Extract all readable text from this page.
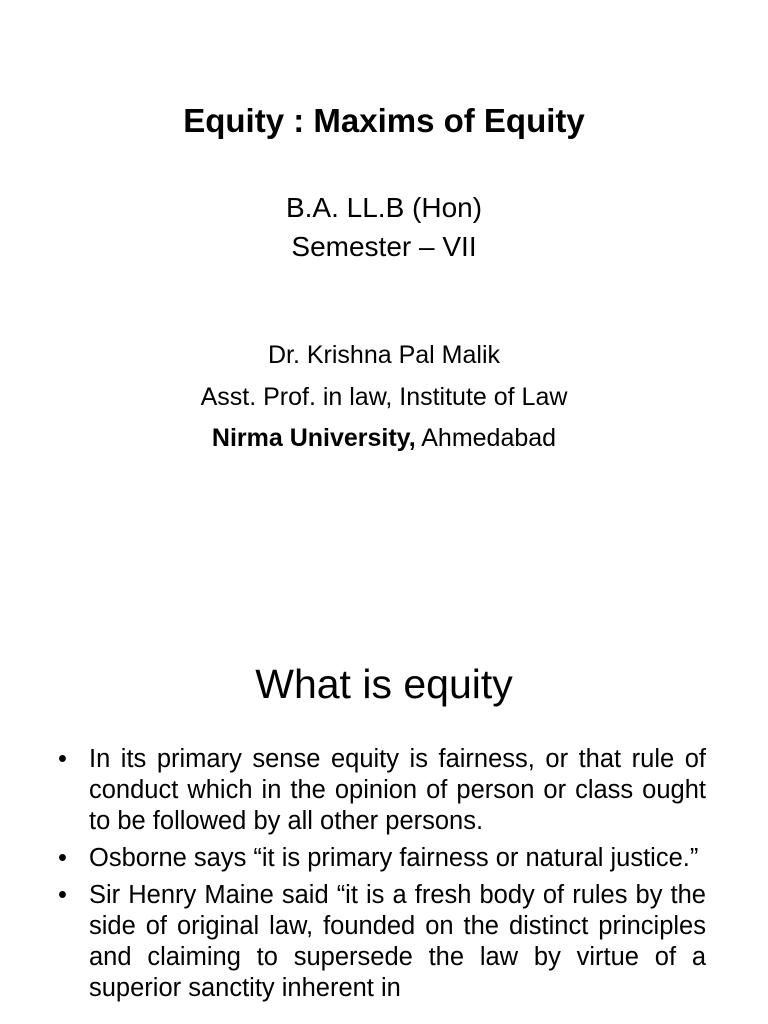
Equity : Maxims of Equity
B.A. LL.B (Hon)
Semester – VII
Dr. Krishna Pal Malik
Asst. Prof. in law, Institute of Law
Nirma University, Ahmedabad
What is equity
• In its primary sense equity is fairness, or that rule of conduct which in the opinion of person or class ought to be followed by all other persons.
• Osborne says “it is primary fairness or natural justice.”
• Sir Henry Maine said “it is a fresh body of rules by the side of original law, founded on the distinct principles and claiming to supersede the law by virtue of a superior sanctity inherent in
